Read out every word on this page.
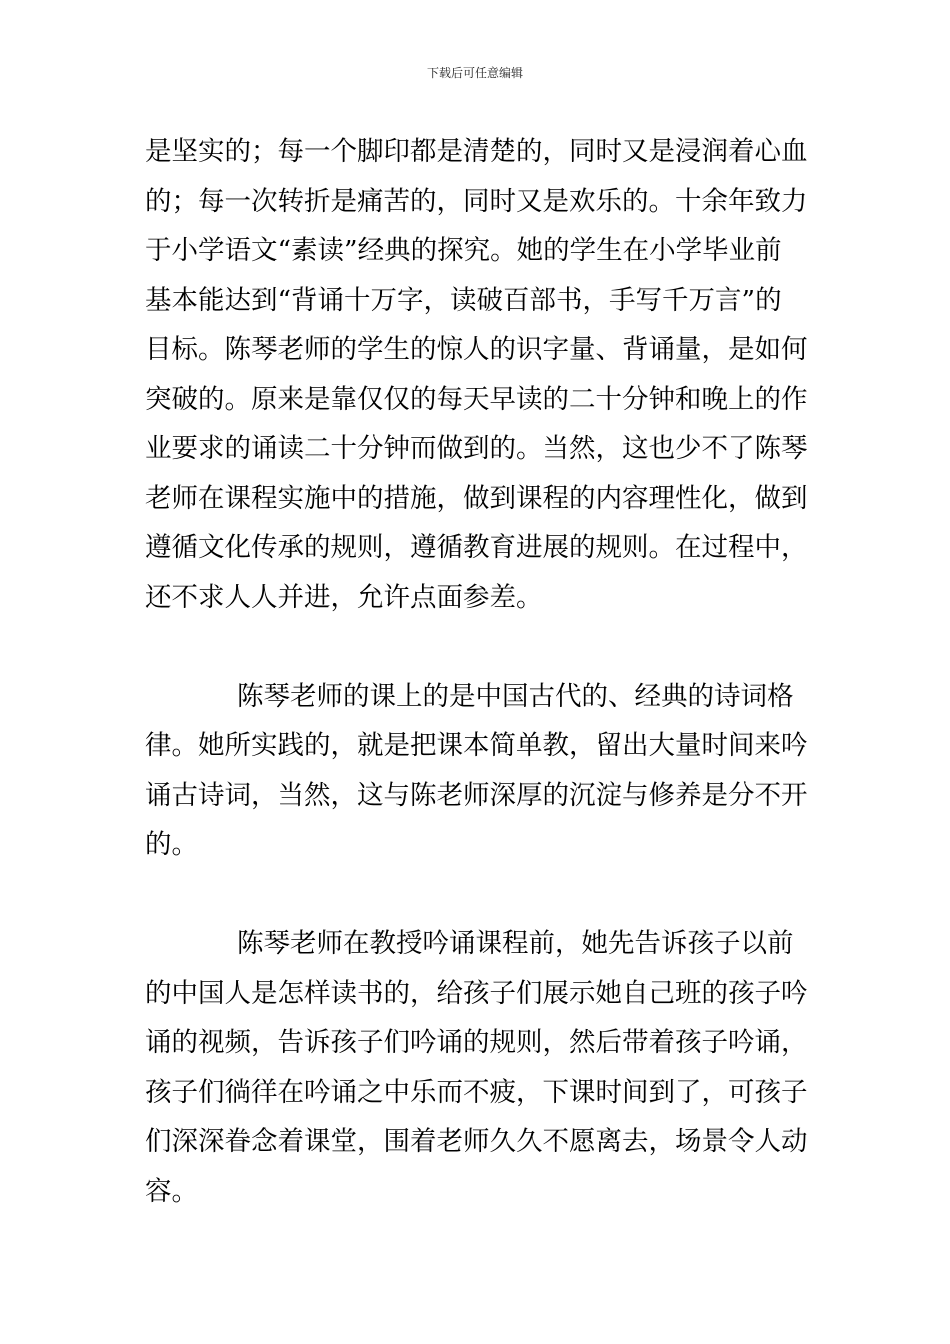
下载后可任意编辑
是坚实的；每一个脚印都是清楚的，同时又是浸润着心血
的；每一次转折是痛苦的，同时又是欢乐的。十余年致力
于小学语文“素读”经典的探究。她的学生在小学毕业前
基本能达到“背诵十万字，读破百部书，手写千万言”的
目标。陈琴老师的学生的惊人的识字量、背诵量，是如何
突破的。原来是靠仅仅的每天早读的二十分钟和晚上的作
业要求的诵读二十分钟而做到的。当然，这也少不了陈琴
老师在课程实施中的措施，做到课程的内容理性化，做到
遵循文化传承的规则，遵循教育进展的规则。在过程中，
还不求人人并进，允许点面参差。
陈琴老师的课上的是中国古代的、经典的诗词格
律。她所实践的，就是把课本简单教，留出大量时间来吟
诵古诗词，当然，这与陈老师深厚的沉淀与修养是分不开
的。
陈琴老师在教授吟诵课程前，她先告诉孩子以前
的中国人是怎样读书的，给孩子们展示她自己班的孩子吟
诵的视频，告诉孩子们吟诵的规则，然后带着孩子吟诵，
孩子们徜徉在吟诵之中乐而不疲，下课时间到了，可孩子
们深深眷念着课堂，围着老师久久不愿离去，场景令人动
容。
